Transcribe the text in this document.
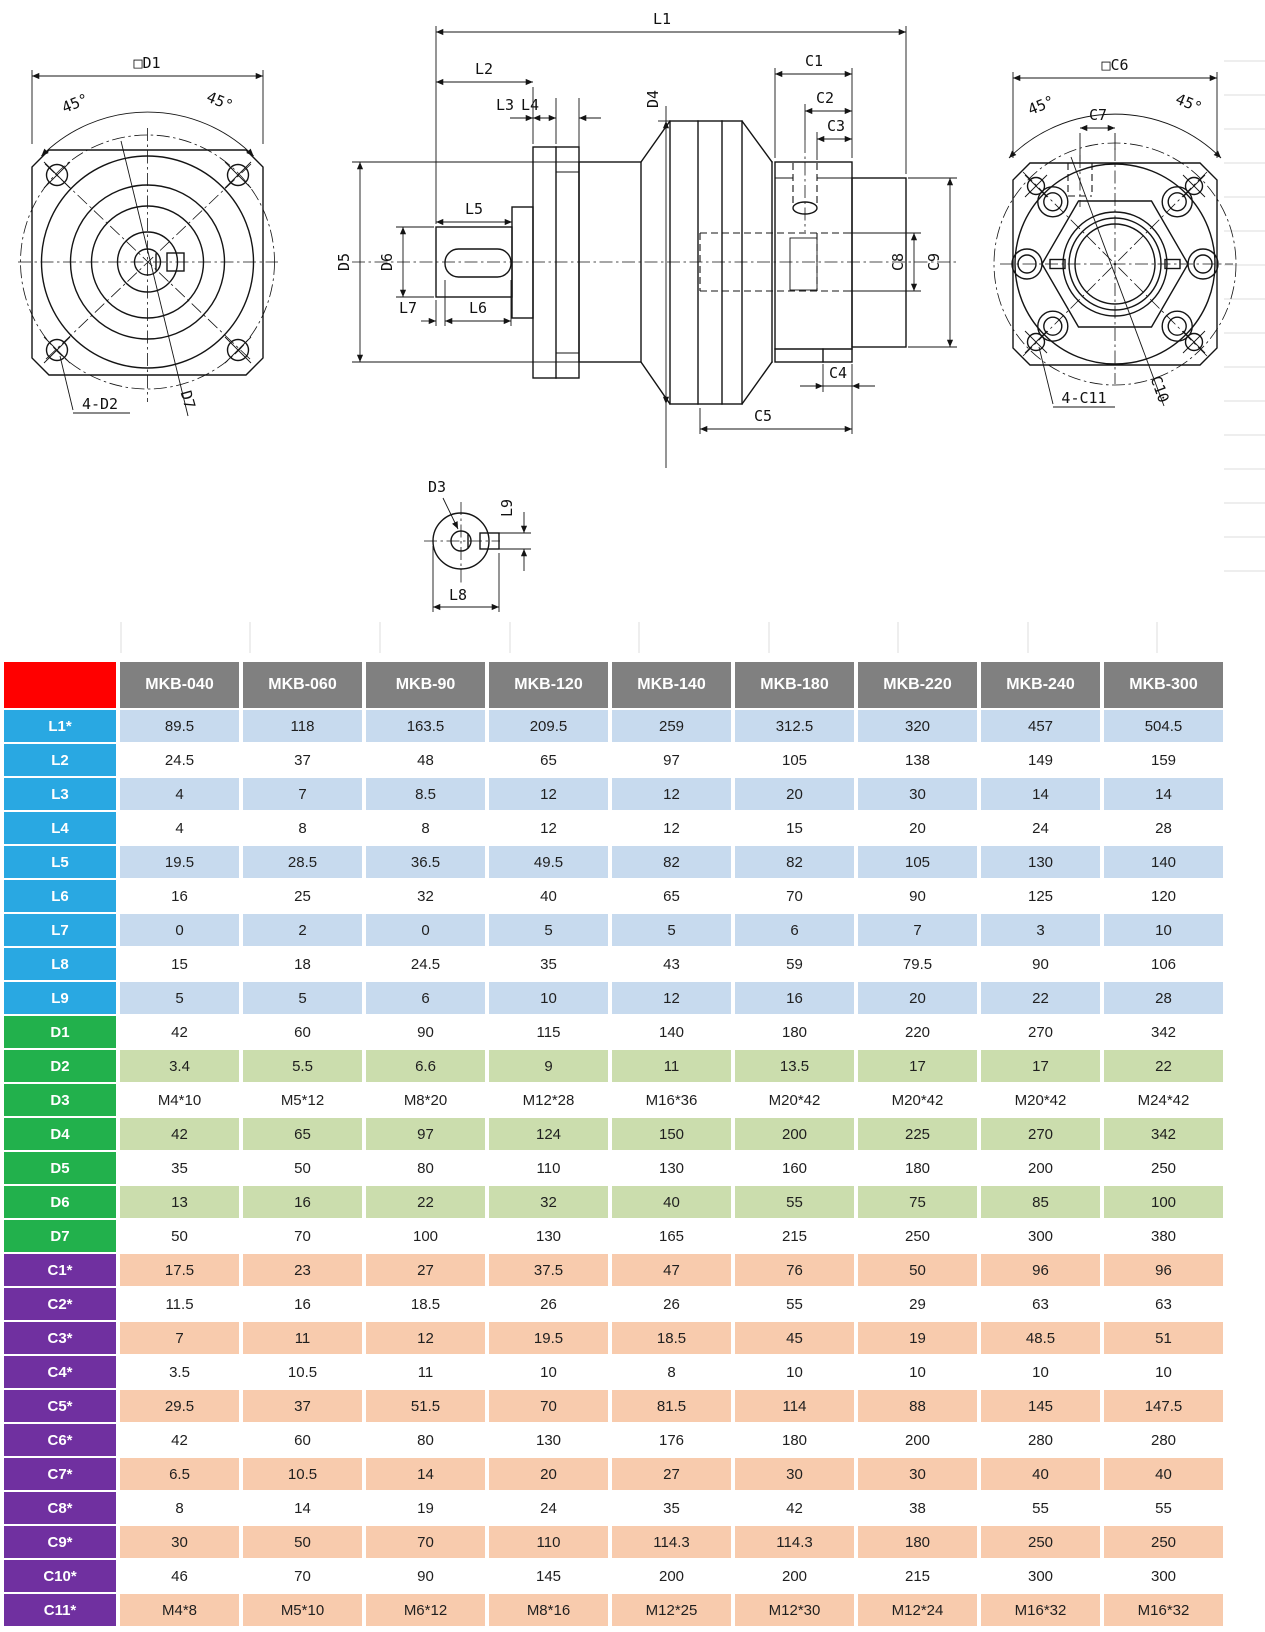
□D1
45°	45°
4-D2	D7
L1
L2
L3 L4
L5
D6
D5
L7	L6
D4
C1
C2
C3
C8 C9
C4
C5
□C6
45°	45°
C7
4-C11	C10
D3
L9
L8
	MKB-040	MKB-060	MKB-90	MKB-120	MKB-140	MKB-180	MKB-220	MKB-240	MKB-300
L1*	89.5	118	163.5	209.5	259	312.5	320	457	504.5
L2	24.5	37	48	65	97	105	138	149	159
L3	4	7	8.5	12	12	20	30	14	14
L4	4	8	8	12	12	15	20	24	28
L5	19.5	28.5	36.5	49.5	82	82	105	130	140
L6	16	25	32	40	65	70	90	125	120
L7	0	2	0	5	5	6	7	3	10
L8	15	18	24.5	35	43	59	79.5	90	106
L9	5	5	6	10	12	16	20	22	28
D1	42	60	90	115	140	180	220	270	342
D2	3.4	5.5	6.6	9	11	13.5	17	17	22
D3	M4*10	M5*12	M8*20	M12*28	M16*36	M20*42	M20*42	M20*42	M24*42
D4	42	65	97	124	150	200	225	270	342
D5	35	50	80	110	130	160	180	200	250
D6	13	16	22	32	40	55	75	85	100
D7	50	70	100	130	165	215	250	300	380
C1*	17.5	23	27	37.5	47	76	50	96	96
C2*	11.5	16	18.5	26	26	55	29	63	63
C3*	7	11	12	19.5	18.5	45	19	48.5	51
C4*	3.5	10.5	11	10	8	10	10	10	10
C5*	29.5	37	51.5	70	81.5	114	88	145	147.5
C6*	42	60	80	130	176	180	200	280	280
C7*	6.5	10.5	14	20	27	30	30	40	40
C8*	8	14	19	24	35	42	38	55	55
C9*	30	50	70	110	114.3	114.3	180	250	250
C10*	46	70	90	145	200	200	215	300	300
C11*	M4*8	M5*10	M6*12	M8*16	M12*25	M12*30	M12*24	M16*32	M16*32
